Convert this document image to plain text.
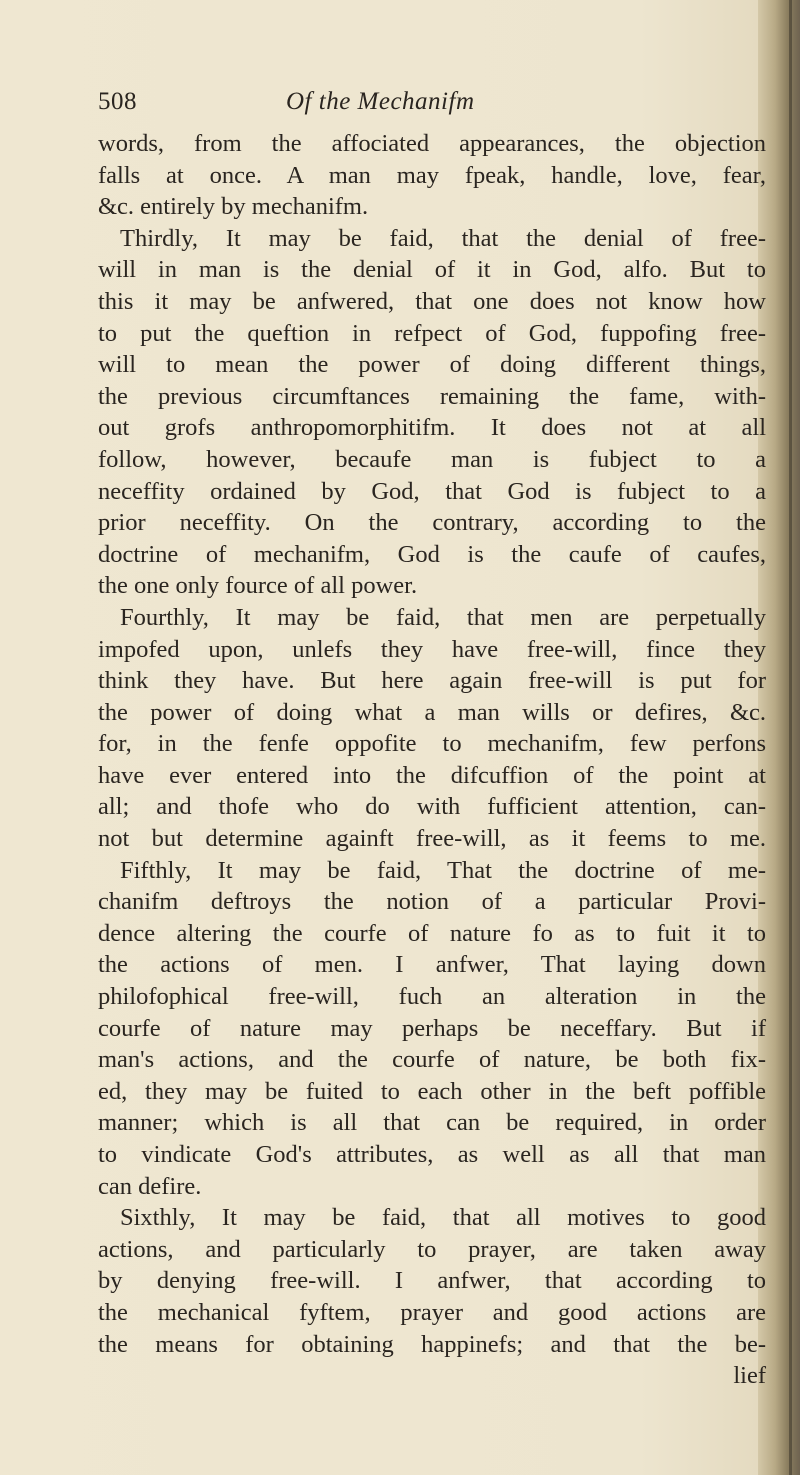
508	Of the Mechanifm
words, from the affociated appearances, the objection
falls at once. A man may fpeak, handle, love, fear,
&c. entirely by mechanifm.
Thirdly, It may be faid, that the denial of free-
will in man is the denial of it in God, alfo. But to
this it may be anfwered, that one does not know how
to put the queftion in refpect of God, fuppofing free-
will to mean the power of doing different things,
the previous circumftances remaining the fame, with-
out grofs anthropomorphitifm. It does not at all
follow, however, becaufe man is fubject to a
neceffity ordained by God, that God is fubject to a
prior neceffity. On the contrary, according to the
doctrine of mechanifm, God is the caufe of caufes,
the one only fource of all power.
Fourthly, It may be faid, that men are perpetually
impofed upon, unlefs they have free-will, fince they
think they have. But here again free-will is put for
the power of doing what a man wills or defires, &c.
for, in the fenfe oppofite to mechanifm, few perfons
have ever entered into the difcuffion of the point at
all; and thofe who do with fufficient attention, can-
not but determine againft free-will, as it feems to me.
Fifthly, It may be faid, That the doctrine of me-
chanifm deftroys the notion of a particular Provi-
dence altering the courfe of nature fo as to fuit it to
the actions of men. I anfwer, That laying down
philofophical free-will, fuch an alteration in the
courfe of nature may perhaps be neceffary. But if
man's actions, and the courfe of nature, be both fix-
ed, they may be fuited to each other in the beft poffible
manner; which is all that can be required, in order
to vindicate God's attributes, as well as all that man
can defire.
Sixthly, It may be faid, that all motives to good
actions, and particularly to prayer, are taken away
by denying free-will. I anfwer, that according to
the mechanical fyftem, prayer and good actions are
the means for obtaining happinefs; and that the be-
lief
